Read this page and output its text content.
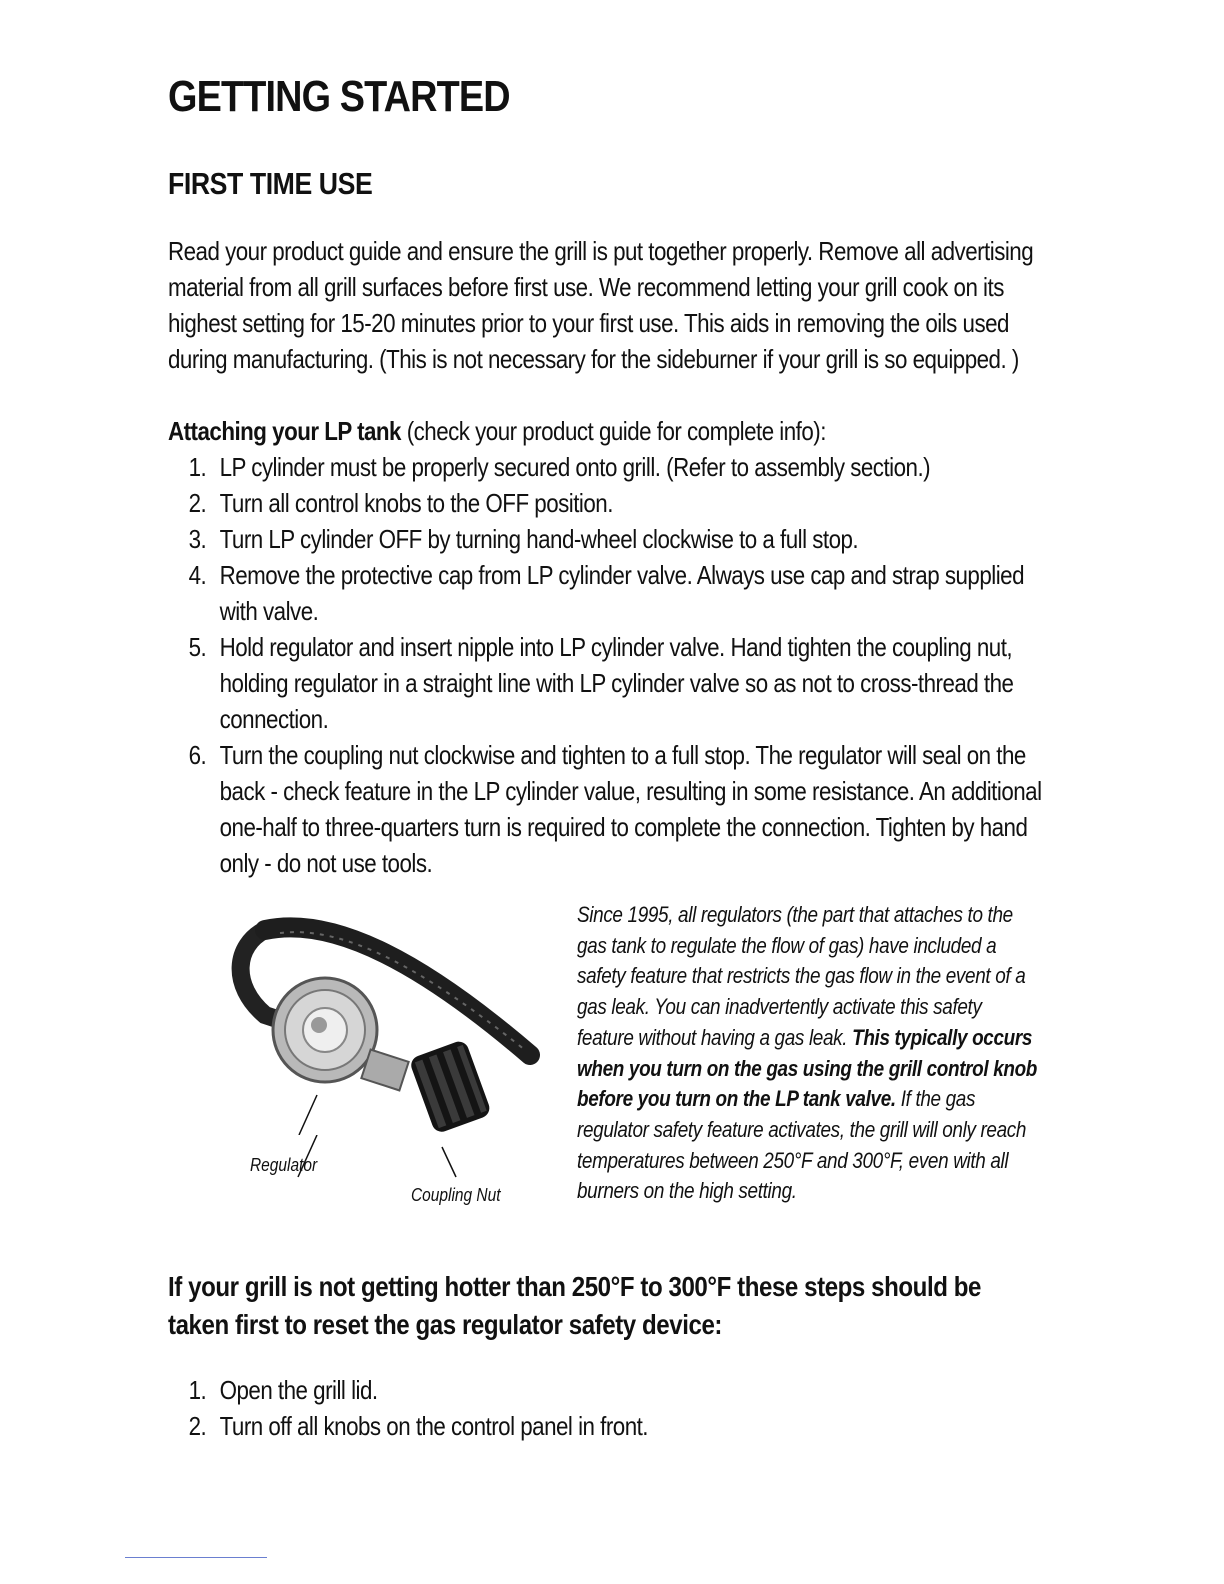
GETTING STARTED
FIRST TIME USE

Read your product guide and ensure the grill is put together properly. Remove all advertising material from all grill surfaces before first use. We recommend letting your grill cook on its highest setting for 15-20 minutes prior to your first use. This aids in removing the oils used during manufacturing. (This is not necessary for the sideburner if your grill is so equipped. )

Attaching your LP tank (check your product guide for complete info):
1. LP cylinder must be properly secured onto grill. (Refer to assembly section.)
2. Turn all control knobs to the OFF position.
3. Turn LP cylinder OFF by turning hand-wheel clockwise to a full stop.
4. Remove the protective cap from LP cylinder valve. Always use cap and strap supplied with valve.
5. Hold regulator and insert nipple into LP cylinder valve. Hand tighten the coupling nut, holding regulator in a straight line with LP cylinder valve so as not to cross-thread the connection.
6. Turn the coupling nut clockwise and tighten to a full stop. The regulator will seal on the back - check feature in the LP cylinder value, resulting in some resistance. An additional one-half to three-quarters turn is required to complete the connection. Tighten by hand only - do not use tools.
Regulator
Coupling Nut

Since 1995, all regulators (the part that attaches to the gas tank to regulate the flow of gas) have included a safety feature that restricts the gas flow in the event of a gas leak. You can inadvertently activate this safety feature without having a gas leak. This typically occurs when you turn on the gas using the grill control knob before you turn on the LP tank valve. If the gas regulator safety feature activates, the grill will only reach temperatures between 250°F and 300°F, even with all burners on the high setting.

If your grill is not getting hotter than 250°F to 300°F these steps should be taken first to reset the gas regulator safety device:

1. Open the grill lid.
2. Turn off all knobs on the control panel in front.
